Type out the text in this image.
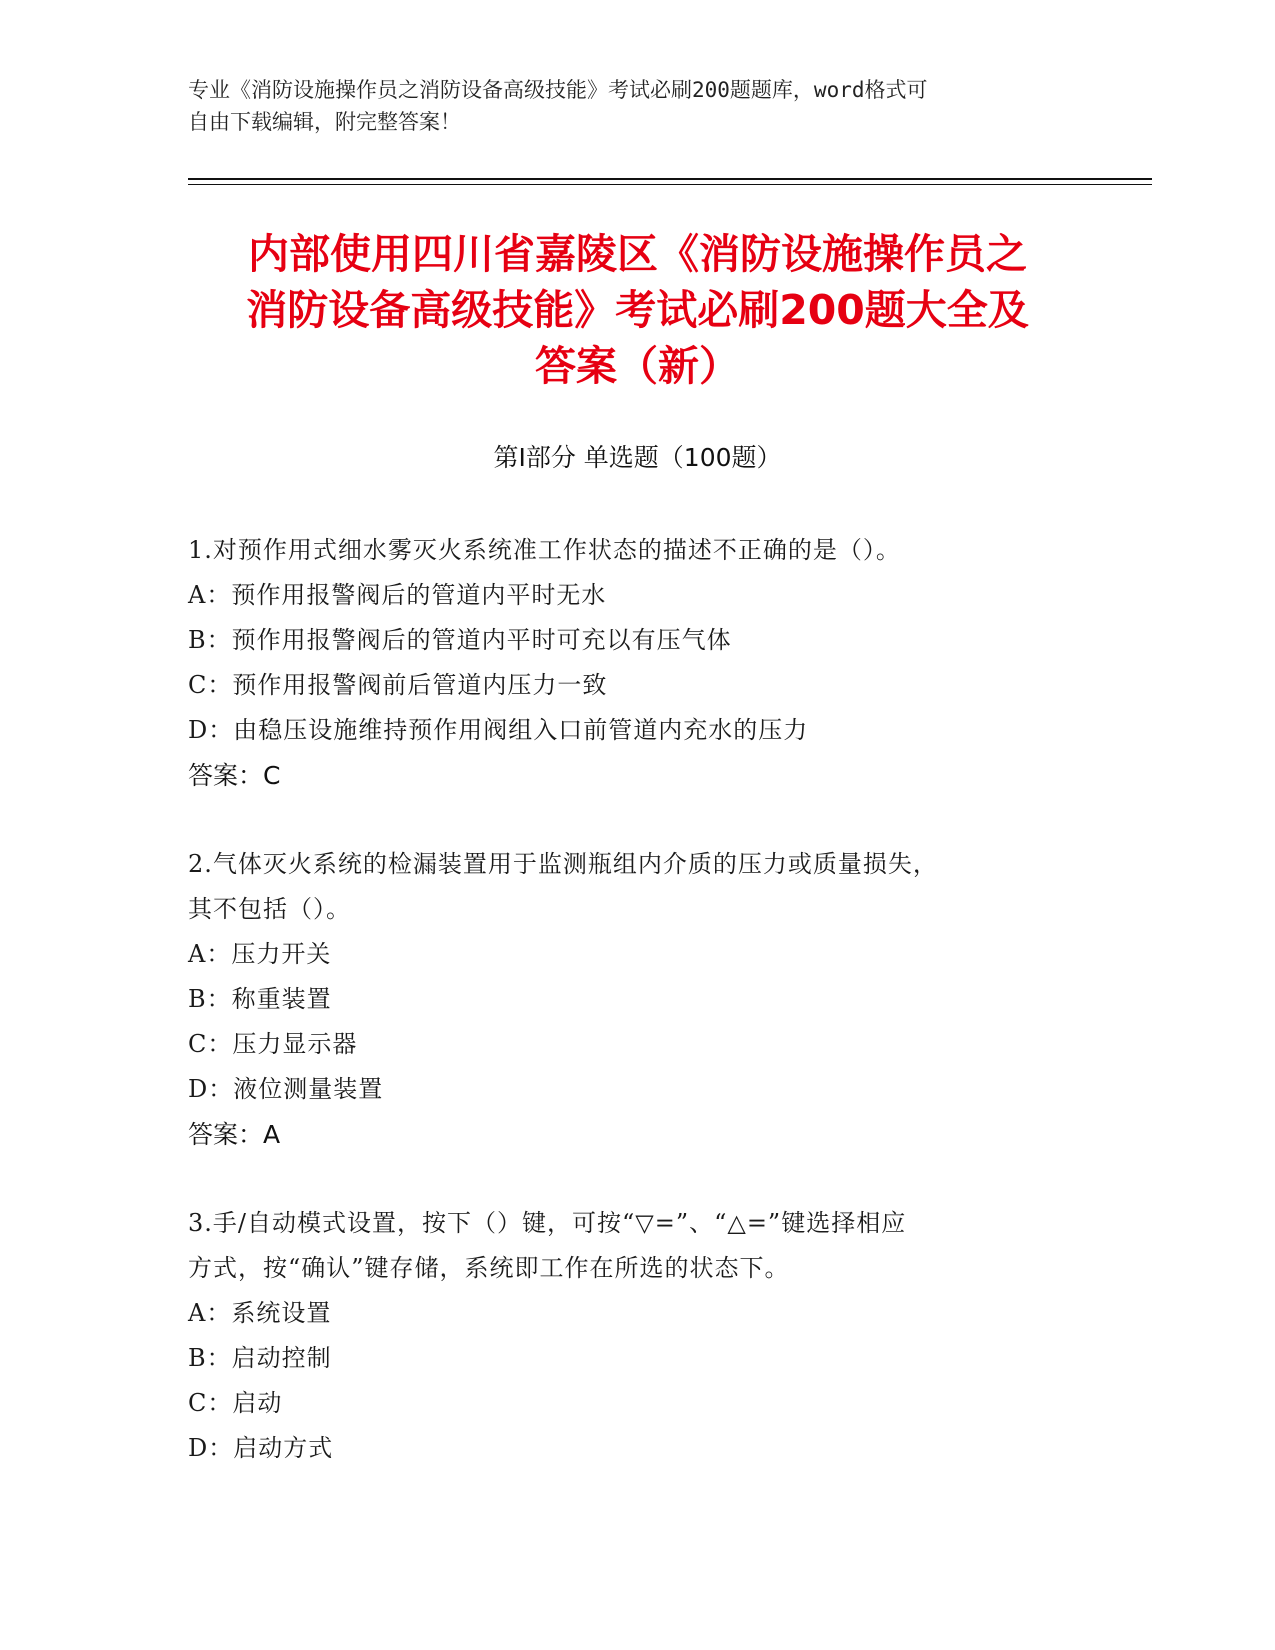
专业《消防设施操作员之消防设备高级技能》考试必刷200题题库，word格式可
自由下载编辑，附完整答案！
内部使用四川省嘉陵区《消防设施操作员之
消防设备高级技能》考试必刷200题大全及
答案（新）
第Ⅰ部分 单选题（100题）
1.对预作用式细水雾灭火系统准工作状态的描述不正确的是（）。
A：预作用报警阀后的管道内平时无水
B：预作用报警阀后的管道内平时可充以有压气体
C：预作用报警阀前后管道内压力一致
D：由稳压设施维持预作用阀组入口前管道内充水的压力
答案：C
2.气体灭火系统的检漏装置用于监测瓶组内介质的压力或质量损失，
其不包括（）。
A：压力开关
B：称重装置
C：压力显示器
D：液位测量装置
答案：A
3.手/自动模式设置，按下（）键，可按“▽=”、“△=”键选择相应
方式，按“确认”键存储，系统即工作在所选的状态下。
A：系统设置
B：启动控制
C：启动
D：启动方式
